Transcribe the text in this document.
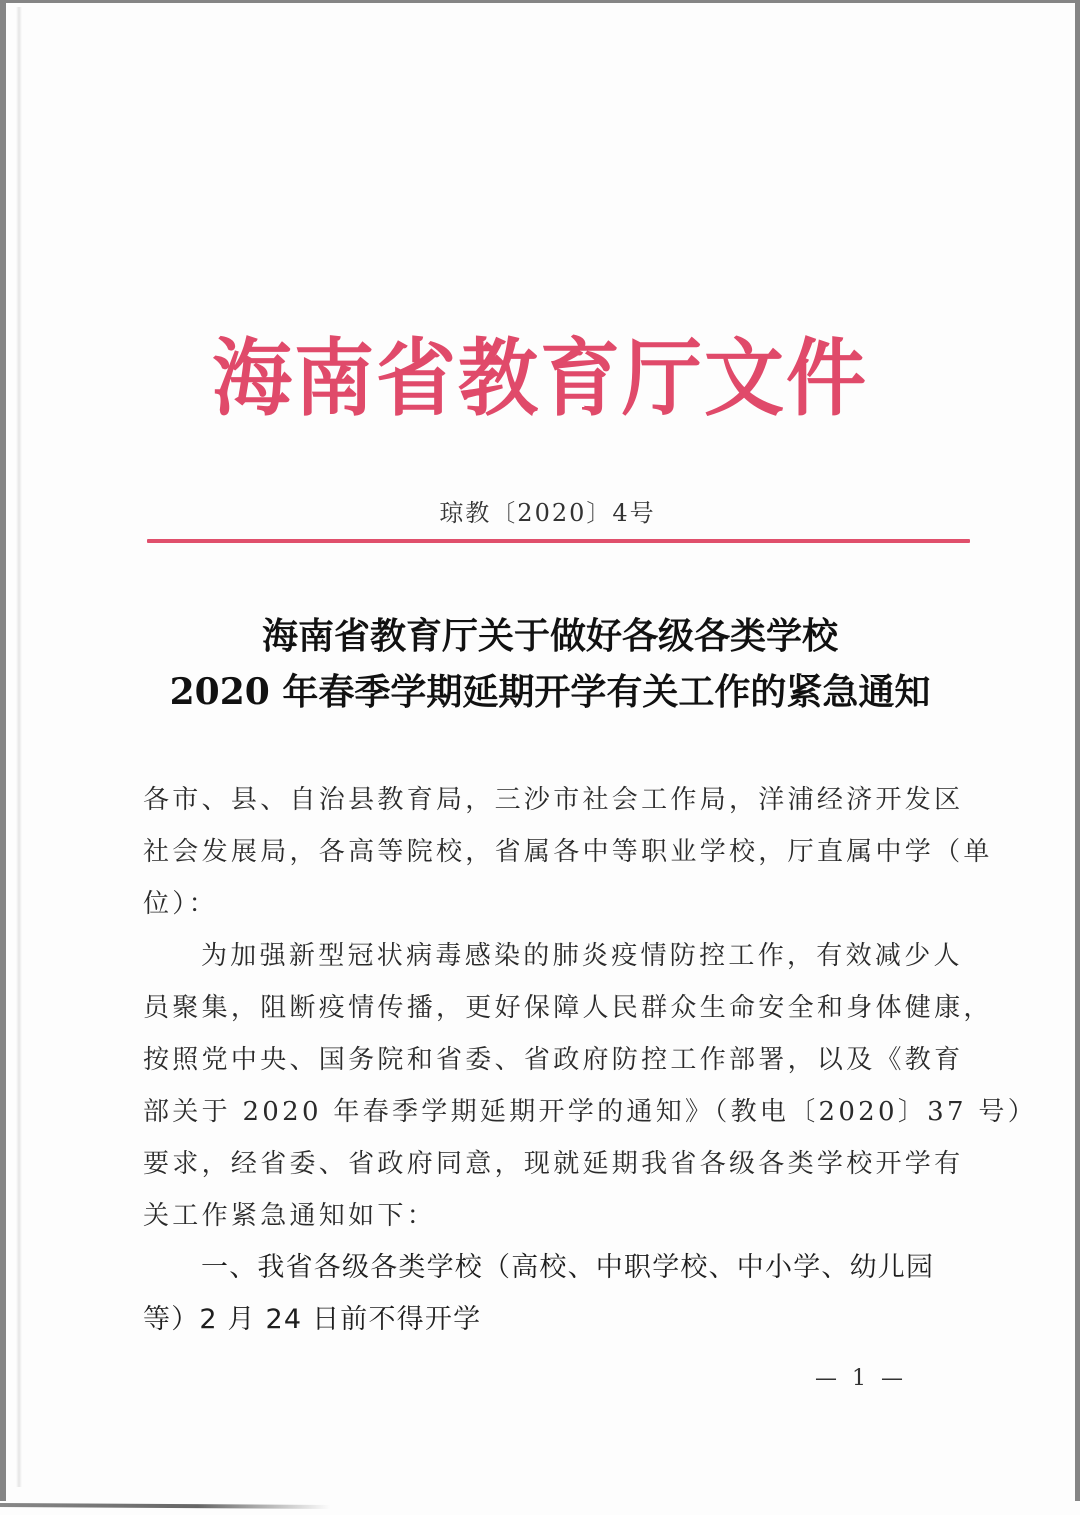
海南省教育厅文件
琼教〔2020〕4号
海南省教育厅关于做好各级各类学校
2020 年春季学期延期开学有关工作的紧急通知
各市、县、自治县教育局，三沙市社会工作局，洋浦经济开发区
社会发展局，各高等院校，省属各中等职业学校，厅直属中学（单
位）：
为加强新型冠状病毒感染的肺炎疫情防控工作，有效减少人
员聚集，阻断疫情传播，更好保障人民群众生命安全和身体健康，
按照党中央、国务院和省委、省政府防控工作部署，以及《教育
部关于 2020 年春季学期延期开学的通知》（教电〔2020〕37 号）
要求，经省委、省政府同意，现就延期我省各级各类学校开学有
关工作紧急通知如下：
一、我省各级各类学校（高校、中职学校、中小学、幼儿园
等）2 月 24 日前不得开学
— 1 —
